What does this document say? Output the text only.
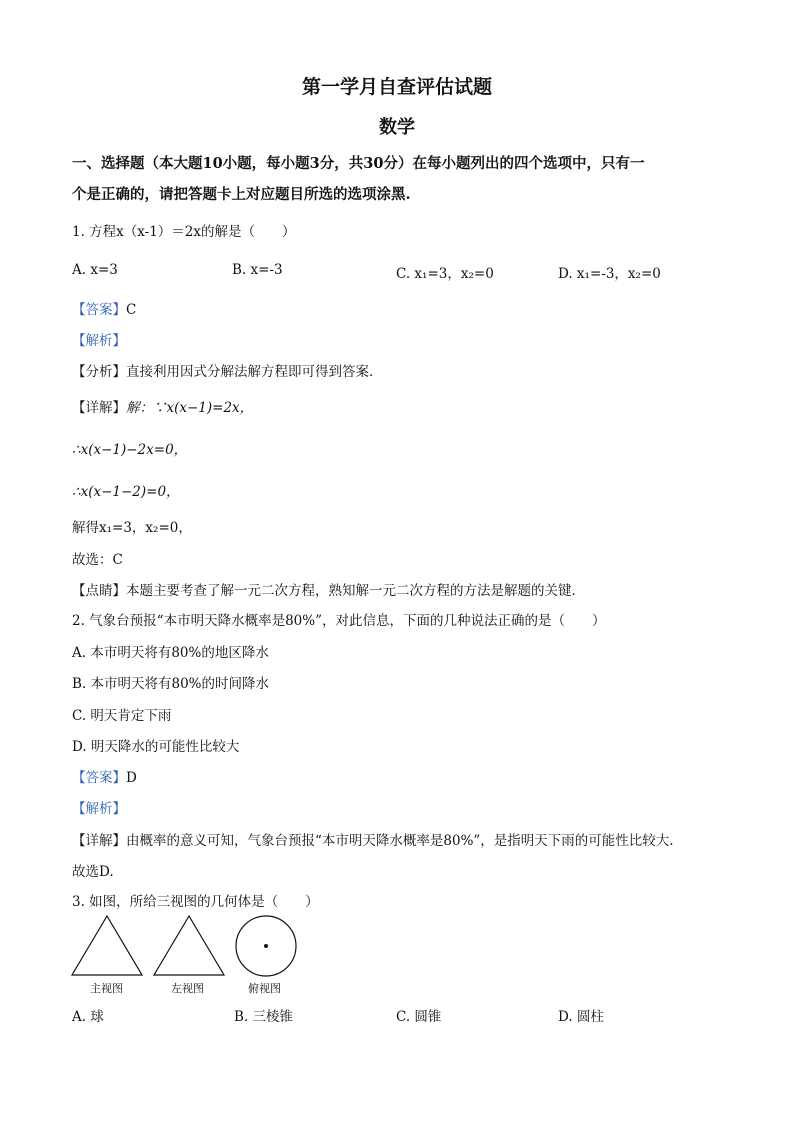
第一学月自查评估试题
数学
一、选择题（本大题10小题，每小题3分，共30分）在每小题列出的四个选项中，只有一
个是正确的，请把答题卡上对应题目所选的选项涂黑.
1. 方程x（x-1）＝2x的解是（　　）
A. x=3	B. x=-3	C. x₁=3，x₂=0	D. x₁=-3，x₂=0
【答案】C
【解析】
【分析】直接利用因式分解法解方程即可得到答案．
【详解】解：∵x(x−1)=2x，
∴x(x−1)−2x=0，
∴x(x−1−2)=0，
解得x₁=3，x₂=0，
故选：C
【点睛】本题主要考查了解一元二次方程，熟知解一元二次方程的方法是解题的关键．
2. 气象台预报“本市明天降水概率是80%”，对此信息，下面的几种说法正确的是（　　）
A. 本市明天将有80%的地区降水
B. 本市明天将有80%的时间降水
C. 明天肯定下雨
D. 明天降水的可能性比较大
【答案】D
【解析】
【详解】由概率的意义可知，气象台预报“本市明天降水概率是80%”，是指明天下雨的可能性比较大.
故选D.
3. 如图，所给三视图的几何体是（　　）
主视图	左视图	俯视图
A. 球	B. 三棱锥	C. 圆锥	D. 圆柱
